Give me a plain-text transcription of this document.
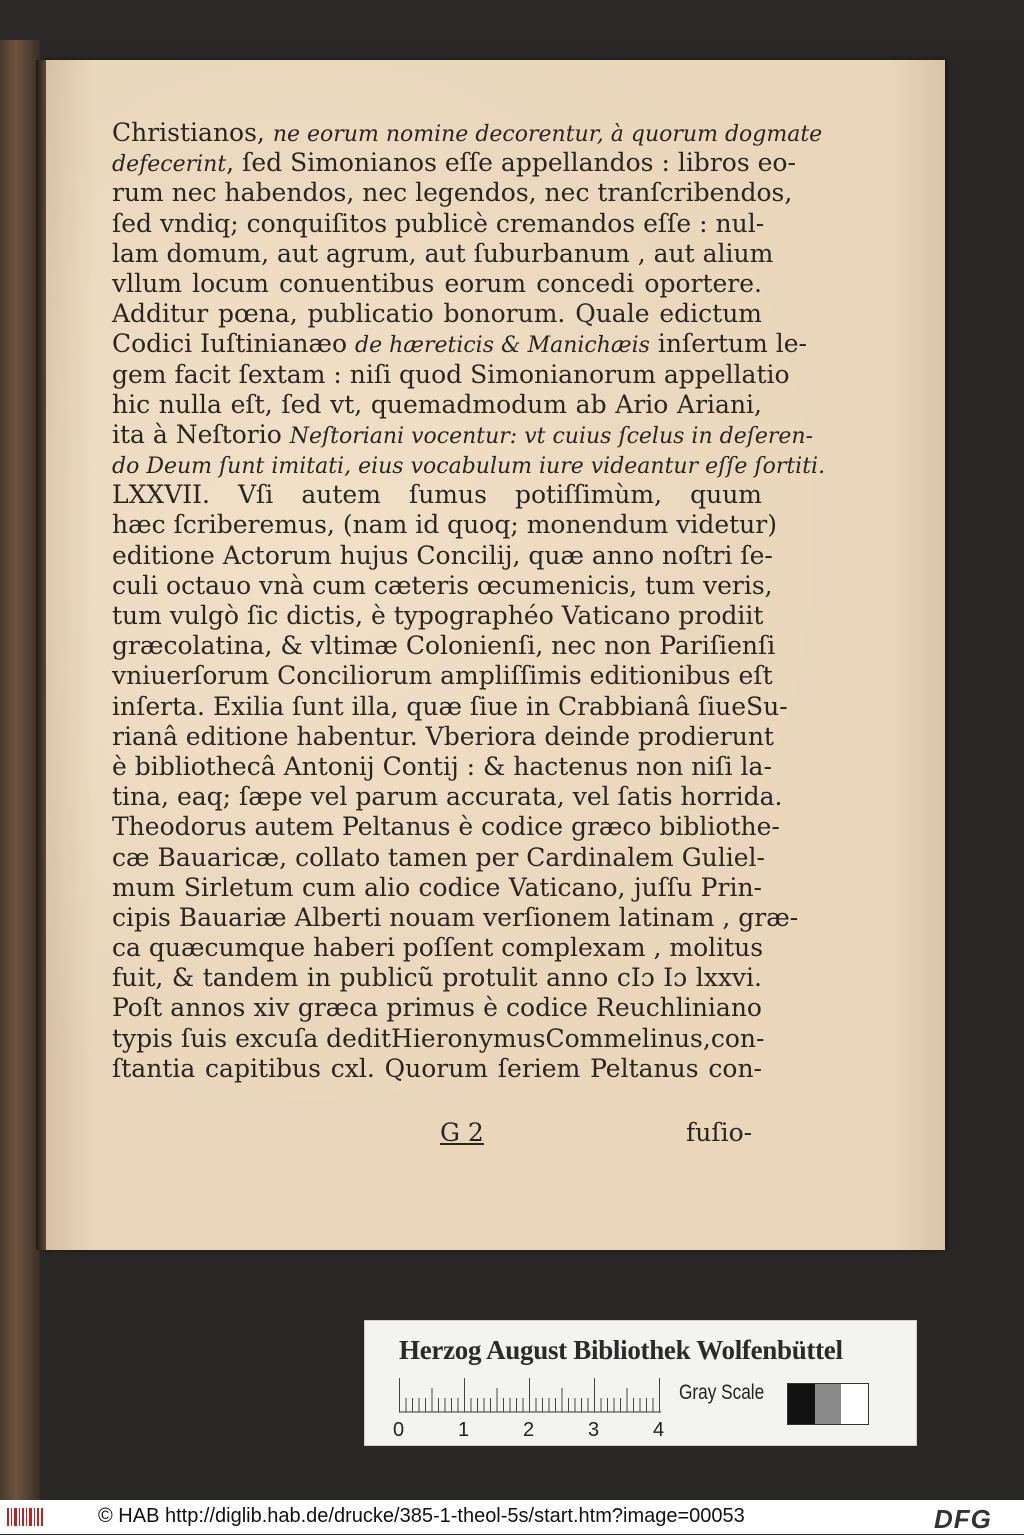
Christianos, ne eorum nomine decorentur, à quorum dogmate
defecerint, ſed Simonianos eſſe appellandos : libros eo-
rum nec habendos, nec legendos, nec tranſcribendos,
ſed vndiq; conquiſitos publicè cremandos eſſe : nul-
lam domum, aut agrum, aut ſuburbanum , aut alium
vllum locum conuentibus eorum concedi oportere.
Additur pœna, publicatio bonorum. Quale edictum
Codici Iuſtinianæo de hæreticis & Manichæis inſertum le-
gem facit ſextam : niſi quod Simonianorum appellatio
hic nulla eſt, ſed vt, quemadmodum ab Ario Ariani,
ita à Neſtorio Neſtoriani vocentur: vt cuius ſcelus in deſeren-
do Deum ſunt imitati, eius vocabulum iure videantur eſſe ſortiti.
LXXVII. Vſi autem ſumus potiſſimùm, quum
hæc ſcriberemus, (nam id quoq; monendum videtur)
editione Actorum hujus Concilij, quæ anno noſtri ſe-
culi octauo vnà cum cæteris œcumenicis, tum veris,
tum vulgò ſic dictis, è typographéo Vaticano prodiit
græcolatina, & vltimæ Colonienſi, nec non Pariſienſi
vniuerſorum Conciliorum ampliſſimis editionibus eſt
inſerta. Exilia ſunt illa, quæ ſiue in Crabbianâ ſiueSu-
rianâ editione habentur. Vberiora deinde prodierunt
è bibliothecâ Antonij Contij : & hactenus non niſi la-
tina, eaq; ſæpe vel parum accurata, vel ſatis horrida.
Theodorus autem Peltanus è codice græco bibliothe-
cæ Bauaricæ, collato tamen per Cardinalem Guliel-
mum Sirletum cum alio codice Vaticano, juſſu Prin-
cipis Bauariæ Alberti nouam verſionem latinam , græ-
ca quæcumque haberi poſſent complexam , molitus
fuit, & tandem in publicũ protulit anno cIɔ Iɔ lxxvi.
Poſt annos xiv græca primus è codice Reuchliniano
typis ſuis excuſa deditHieronymusCommelinus,con-
ſtantia capitibus cxl. Quorum ſeriem Peltanus con-
G 2	fuſio-
Herzog August Bibliothek Wolfenbüttel
0	1	2	3	4
Gray Scale
© HAB http://diglib.hab.de/drucke/385-1-theol-5s/start.htm?image=00053	DFG
